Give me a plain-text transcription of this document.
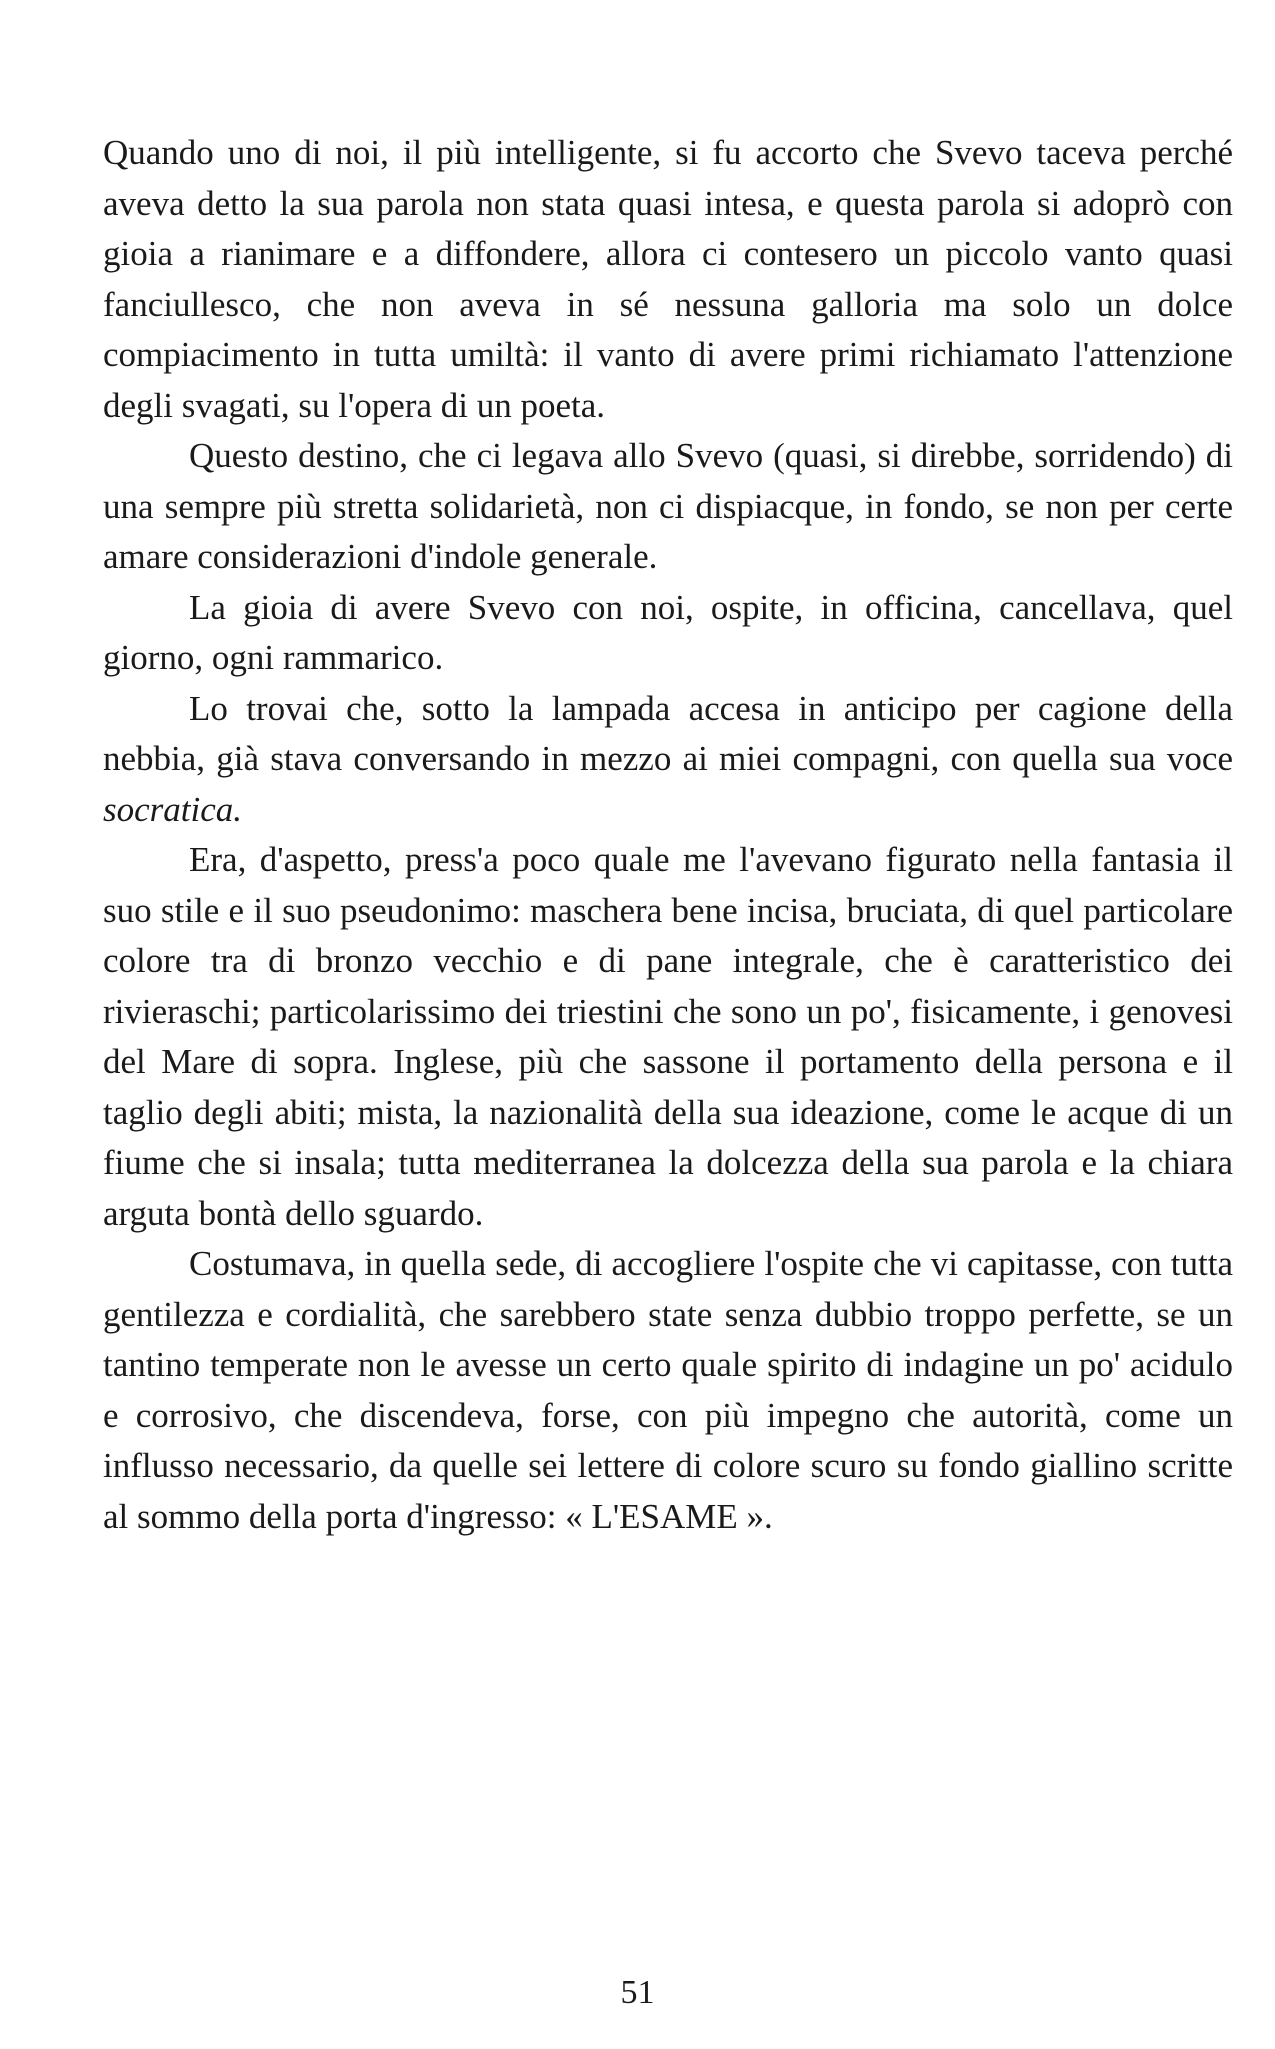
Quando uno di noi, il più intelligente, si fu accorto che Svevo taceva perché aveva detto la sua parola non stata quasi intesa, e questa parola si adoprò con gioia a rianimare e a diffondere, allora ci contesero un piccolo vanto quasi fanciullesco, che non aveva in sé nessuna galloria ma solo un dolce compiacimento in tutta umiltà: il vanto di avere primi richiamato l'attenzione degli svagati, su l'opera di un poeta.

Questo destino, che ci legava allo Svevo (quasi, si direbbe, sorridendo) di una sempre più stretta solidarietà, non ci dispiacque, in fondo, se non per certe amare considerazioni d'indole generale.

La gioia di avere Svevo con noi, ospite, in officina, cancellava, quel giorno, ogni rammarico.

Lo trovai che, sotto la lampada accesa in anticipo per cagione della nebbia, già stava conversando in mezzo ai miei compagni, con quella sua voce socratica.

Era, d'aspetto, press'a poco quale me l'avevano figurato nella fantasia il suo stile e il suo pseudonimo: maschera bene incisa, bruciata, di quel particolare colore tra di bronzo vecchio e di pane integrale, che è caratteristico dei rivieraschi; particolarissimo dei triestini che sono un po', fisicamente, i genovesi del Mare di sopra. Inglese, più che sassone il portamento della persona e il taglio degli abiti; mista, la nazionalità della sua ideazione, come le acque di un fiume che si insala; tutta mediterranea la dolcezza della sua parola e la chiara arguta bontà dello sguardo.

Costumava, in quella sede, di accogliere l'ospite che vi capitasse, con tutta gentilezza e cordialità, che sarebbero state senza dubbio troppo perfette, se un tantino temperate non le avesse un certo quale spirito di indagine un po' acidulo e corrosivo, che discendeva, forse, con più impegno che autorità, come un influsso necessario, da quelle sei lettere di colore scuro su fondo giallino scritte al sommo della porta d'ingresso: « L'ESAME ».

51
